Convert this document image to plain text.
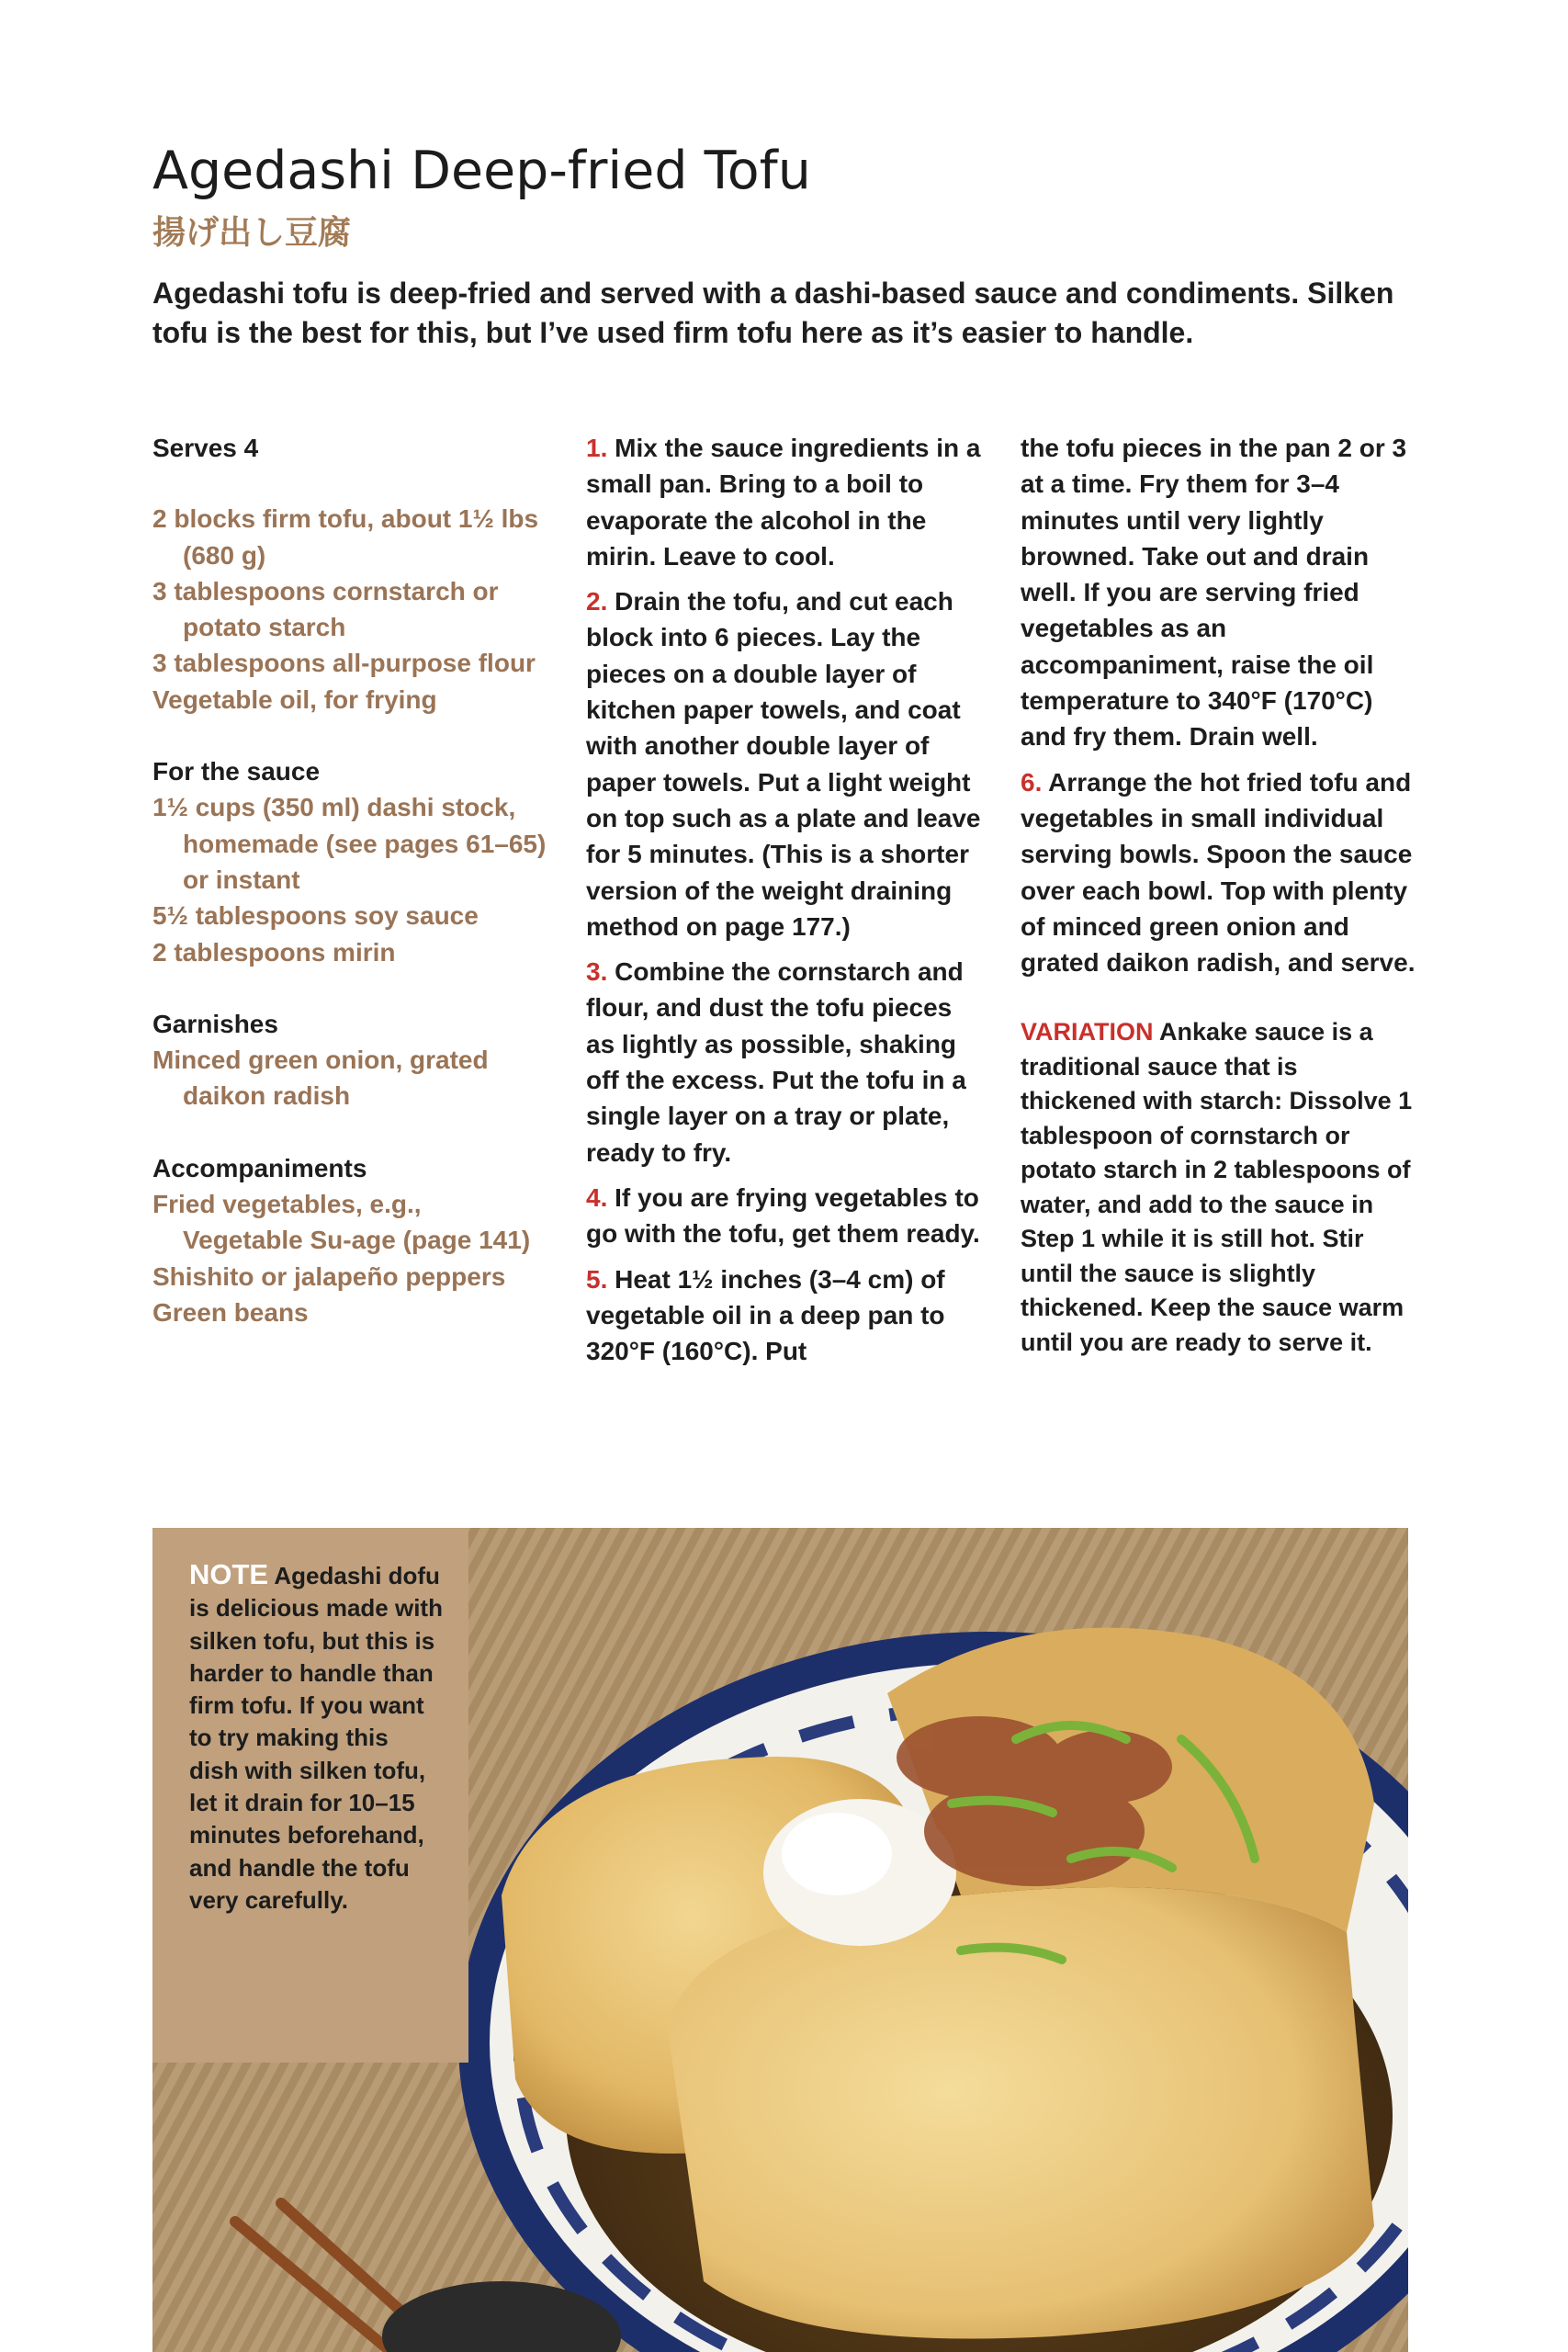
Agedashi Deep-fried Tofu
揚げ出し豆腐

Agedashi tofu is deep-fried and served with a dashi-based sauce and condiments. Silken tofu is the best for this, but I’ve used firm tofu here as it’s easier to handle.

Serves 4
2 blocks firm tofu, about 1½ lbs (680 g)
3 tablespoons cornstarch or potato starch
3 tablespoons all-purpose flour
Vegetable oil, for frying
For the sauce
1½ cups (350 ml) dashi stock, homemade (see pages 61–65) or instant
5½ tablespoons soy sauce
2 tablespoons mirin
Garnishes
Minced green onion, grated daikon radish
Accompaniments
Fried vegetables, e.g., Vegetable Su-age (page 141)
Shishito or jalapeño peppers
Green beans

1. Mix the sauce ingredients in a small pan. Bring to a boil to evaporate the alcohol in the mirin. Leave to cool.

2. Drain the tofu, and cut each block into 6 pieces. Lay the pieces on a double layer of kitchen paper towels, and coat with another double layer of paper towels. Put a light weight on top such as a plate and leave for 5 minutes. (This is a shorter version of the weight draining method on page 177.)

3. Combine the cornstarch and flour, and dust the tofu pieces as lightly as possible, shaking off the excess. Put the tofu in a single layer on a tray or plate, ready to fry.

4. If you are frying vegetables to go with the tofu, get them ready.

5. Heat 1½ inches (3–4 cm) of vegetable oil in a deep pan to 320°F (160°C). Put

the tofu pieces in the pan 2 or 3 at a time. Fry them for 3–4 minutes until very lightly browned. Take out and drain well. If you are serving fried vegetables as an accompaniment, raise the oil temperature to 340°F (170°C) and fry them. Drain well.

6. Arrange the hot fried tofu and vegetables in small individual serving bowls. Spoon the sauce over each bowl. Top with plenty of minced green onion and grated daikon radish, and serve.

VARIATION Ankake sauce is a traditional sauce that is thickened with starch: Dissolve 1 tablespoon of cornstarch or potato starch in 2 tablespoons of water, and add to the sauce in Step 1 while it is still hot. Stir until the sauce is slightly thickened. Keep the sauce warm until you are ready to serve it.

NOTE Agedashi dofu is delicious made with silken tofu, but this is harder to handle than firm tofu. If you want to try making this dish with silken tofu, let it drain for 10–15 minutes beforehand, and handle the tofu very carefully.
